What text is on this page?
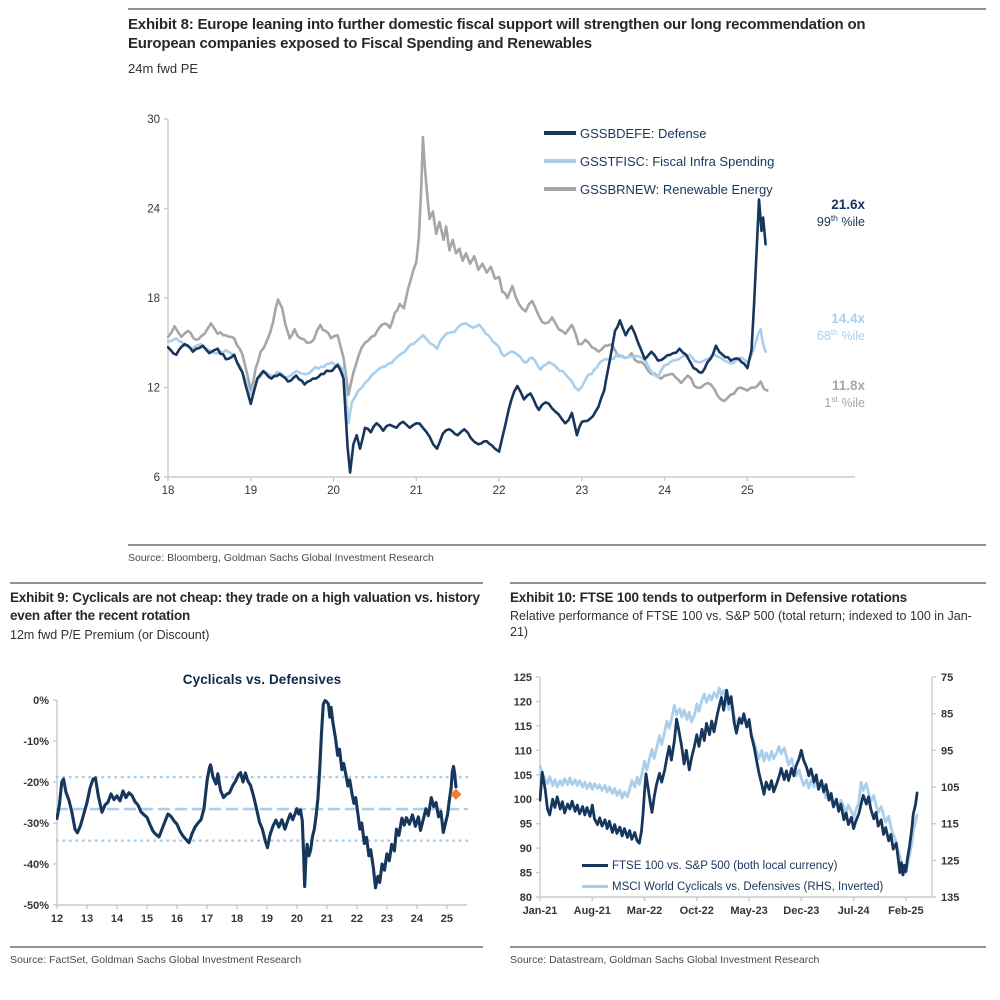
Exhibit 8: Europe leaning into further domestic fiscal support will strengthen our long recommendation on European companies exposed to Fiscal Spending and Renewables
24m fwd PE
6
12
18
24
30
18	19	20	21	22	23	24	25
GSSBDEFE: Defense
GSSTFISC: Fiscal Infra Spending
GSSBRNEW: Renewable Energy
21.6x
99th %ile
14.4x
68th %ile
11.8x
1st %ile
Source: Bloomberg, Goldman Sachs Global Investment Research
Exhibit 9: Cyclicals are not cheap: they trade on a high valuation vs. history even after the recent rotation
12m fwd P/E Premium (or Discount)
Cyclicals vs. Defensives
0%
-10%
-20%
-30%
-40%
-50%
12 13 14 15 16 17 18 19 20 21 22 23 24 25
Source: FactSet, Goldman Sachs Global Investment Research
Exhibit 10: FTSE 100 tends to outperform in Defensive rotations
Relative performance of FTSE 100 vs. S&P 500 (total return; indexed to 100 in Jan-21)
80
85
90
95
100
105
110
115
120
125	75
85
95
105
115
125
135
Jan-21 Aug-21 Mar-22 Oct-22 May-23 Dec-23 Jul-24 Feb-25
FTSE 100 vs. S&P 500 (both local currency)
MSCI World Cyclicals vs. Defensives (RHS, Inverted)
Source: Datastream, Goldman Sachs Global Investment Research
